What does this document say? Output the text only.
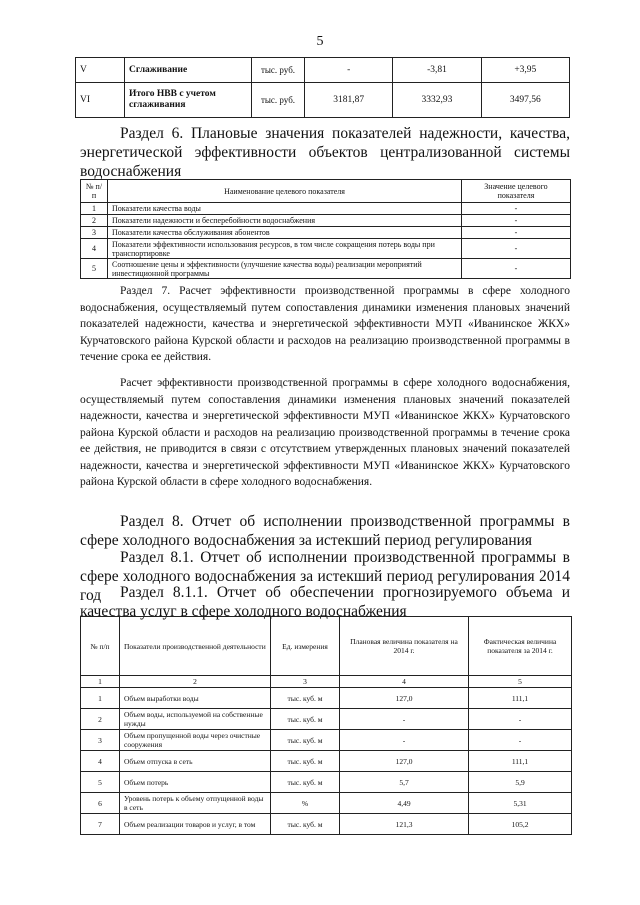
5
V	Сглаживание	тыс. руб.	-	-3,81	+3,95
VI	Итого НВВ с учетом сглаживания	тыс. руб.	3181,87	3332,93	3497,56
Раздел 6. Плановые значения показателей надежности, качества, энергетической эффективности объектов централизованной системы водоснабжения
№ п/п	Наименование целевого показателя	Значение целевого показателя
1	Показатели качества воды	-
2	Показатели надежности и бесперебойности водоснабжения	-
3	Показатели качества обслуживания абонентов	-
4	Показатели эффективности использования ресурсов, в том числе сокращения потерь воды при транспортировке	-
5	Соотношение цены и эффективности (улучшение качества воды) реализации мероприятий инвестиционной программы	-
Раздел 7. Расчет эффективности производственной программы в сфере холодного водоснабжения, осуществляемый путем сопоставления динамики изменения плановых значений показателей надежности, качества и энергетической эффективности МУП «Иванинское ЖКХ» Курчатовского района Курской области и расходов на реализацию производственной программы в течение срока ее действия.
Расчет эффективности производственной программы в сфере холодного водоснабжения, осуществляемый путем сопоставления динамики изменения плановых значений показателей надежности, качества и энергетической эффективности МУП «Иванинское ЖКХ» Курчатовского района Курской области и расходов на реализацию производственной программы в течение срока ее действия, не приводится в связи с отсутствием утвержденных плановых значений показателей надежности, качества и энергетической эффективности МУП «Иванинское ЖКХ» Курчатовского района Курской области в сфере холодного водоснабжения.
Раздел 8. Отчет об исполнении производственной программы в сфере холодного водоснабжения за истекший период регулирования
Раздел 8.1. Отчет об исполнении производственной программы в сфере холодного водоснабжения за истекший период регулирования 2014 год	Раздел 8.1.1. Отчет об обеспечении прогнозируемого объема и качества услуг в сфере холодного водоснабжения
№ п/п	Показатели производственной деятельности	Ед. измерения	Плановая величина показателя на 2014 г.	Фактическая величина показателя за 2014 г.
1	2	3	4	5
1	Объем выработки воды	тыс. куб. м	127,0	111,1
2	Объем воды, используемой на собственные нужды	тыс. куб. м	-	-
3	Объем пропущенной воды через очистные сооружения	тыс. куб. м	-	-
4	Объем отпуска в сеть	тыс. куб. м	127,0	111,1
5	Объем потерь	тыс. куб. м	5,7	5,9
6	Уровень потерь к объему отпущенной воды в сеть	%	4,49	5,31
7	Объем реализации товаров и услуг, в том	тыс. куб. м	121,3	105,2
